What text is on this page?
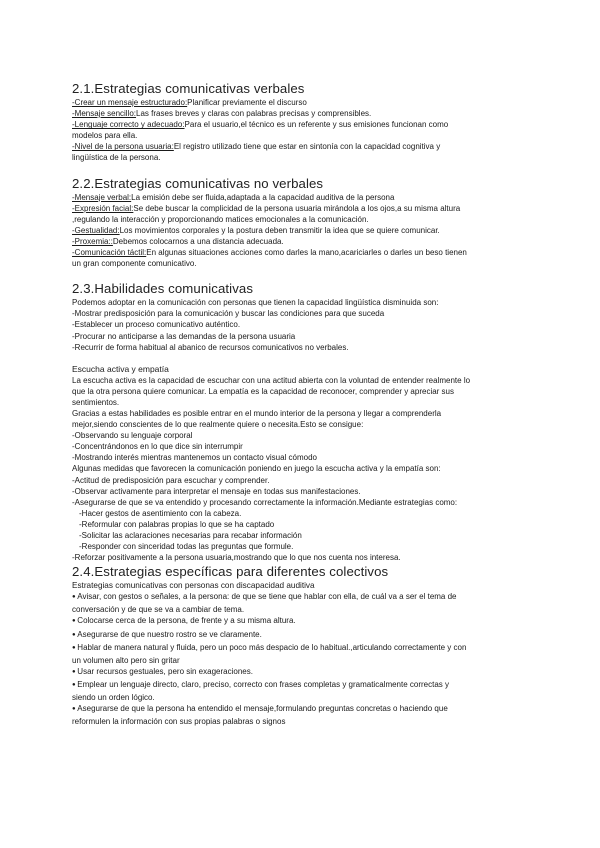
2.1.Estrategias comunicativas verbales

-Crear un mensaje estructurado:Planificar previamente el discurso

-Mensaje sencillo:Las frases breves y claras con palabras precisas y comprensibles.

-Lenguaje correcto y adecuado:Para el usuario,el técnico es un referente y sus emisiones funcionan como

modelos para ella.

-Nivel de la persona usuaria:El registro utilizado tiene que estar en sintonía con la capacidad cognitiva y

lingüística de la persona.

2.2.Estrategias comunicativas no verbales

-Mensaje verbal:La emisión debe ser fluida,adaptada a la capacidad auditiva de la persona

-Expresión facial:Se debe buscar la complicidad de la persona usuaria mirándola a los ojos,a su misma altura

,regulando la interacción y proporcionando matices emocionales a la comunicación.

-Gestualidad:Los movimientos corporales y la postura deben transmitir la idea que se quiere comunicar.

-Proxemia::Debemos colocarnos a una distancia adecuada.

-Comunicación táctil:En algunas situaciones acciones como darles la mano,acariciarles o darles un beso tienen

un gran componente comunicativo.

2.3.Habilidades comunicativas

Podemos adoptar en la comunicación con personas que tienen la capacidad lingüística disminuida son:

-Mostrar predisposición para la comunicación y buscar las condiciones para que suceda

-Establecer un proceso comunicativo auténtico.

-Procurar no anticiparse a las demandas de la persona usuaria

-Recurrir de forma habitual al abanico de recursos comunicativos no verbales.

Escucha activa y empatía

La escucha activa es la capacidad de escuchar con una actitud abierta con la voluntad de entender realmente lo

que la otra persona quiere comunicar. La empatía es la capacidad de reconocer, comprender y apreciar sus

sentimientos.

Gracias a estas habilidades es posible entrar en el mundo interior de la persona y llegar a comprenderla

mejor,siendo conscientes de lo que realmente quiere o necesita.Esto se consigue:

-Observando su lenguaje corporal

-Concentrándonos en lo que dice sin interrumpir

-Mostrando interés mientras mantenemos un contacto visual cómodo

Algunas medidas que favorecen la comunicación poniendo en juego la escucha activa y la empatía son:

-Actitud de predisposición para escuchar y comprender.

-Observar activamente para interpretar el mensaje en todas sus manifestaciones.

-Asegurarse de que se va entendido y procesando correctamente la información.Mediante estrategias como:

-Hacer gestos de asentimiento con la cabeza.

-Reformular con palabras propias lo que se ha captado

-Solicitar las aclaraciones necesarias para recabar información

-Responder con sinceridad todas las preguntas que formule.

-Reforzar positivamente a la persona usuaria,mostrando que lo que nos cuenta nos interesa.

2.4.Estrategias específicas para diferentes colectivos
Estrategias comunicativas con personas con discapacidad auditiva

● Avisar, con gestos o señales, a la persona: de que se tiene que hablar con ella, de cuál va a ser el tema de

conversación y de que se va a cambiar de tema.

● Colocarse cerca de la persona, de frente y a su misma altura.

● Asegurarse de que nuestro rostro se ve claramente.

● Hablar de manera natural y fluida, pero un poco más despacio de lo habitual.,articulando correctamente y con

un volumen alto pero sin gritar

● Usar recursos gestuales, pero sin exageraciones.

● Emplear un lenguaje directo, claro, preciso, correcto con frases completas y gramaticalmente correctas y

siendo un orden lógico.

● Asegurarse de que la persona ha entendido el mensaje,formulando preguntas concretas o haciendo que

reformulen la información con sus propias palabras o signos
